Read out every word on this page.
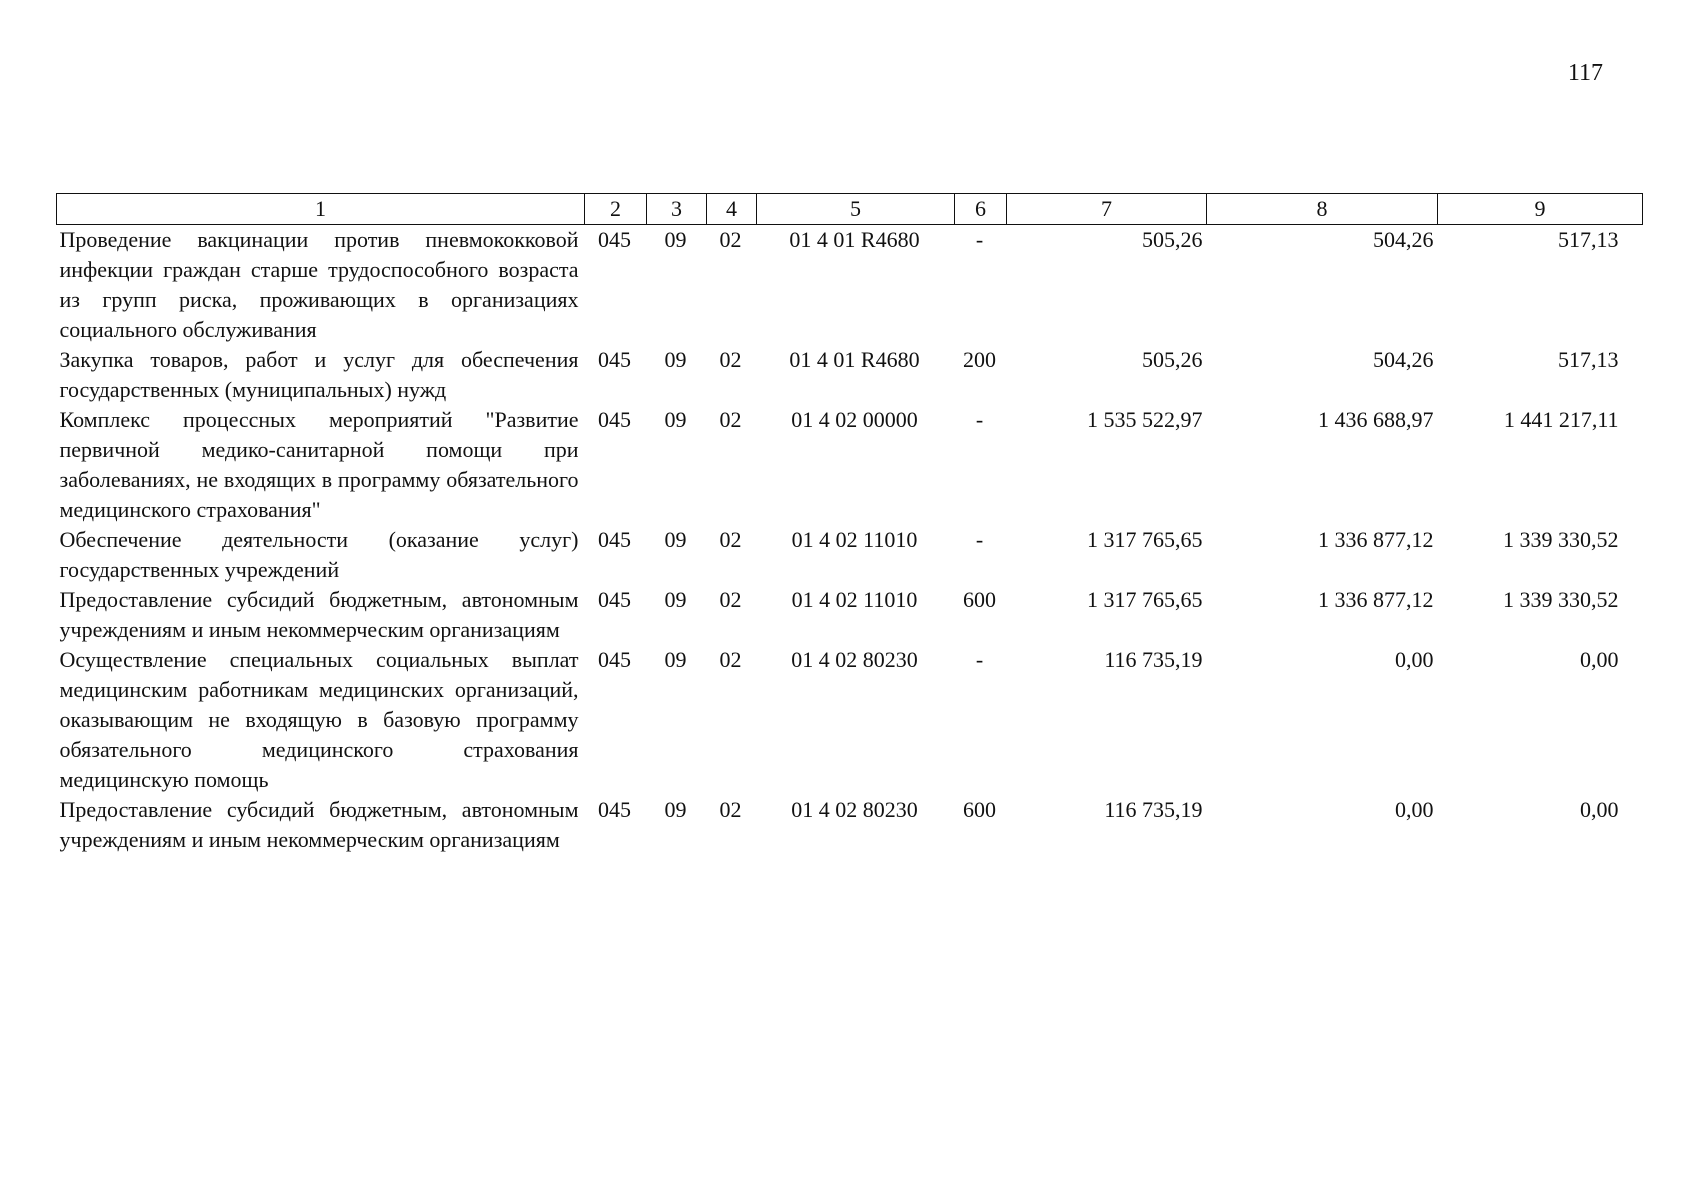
117
1	2	3	4	5	6	7	8	9
Проведение вакцинации против пневмококковой инфекции граждан старше трудоспособного возраста из групп риска, проживающих в организациях социального обслуживания	045	09	02	01 4 01 R4680	-	505,26	504,26	517,13
Закупка товаров, работ и услуг для обеспечения государственных (муниципальных) нужд	045	09	02	01 4 01 R4680	200	505,26	504,26	517,13
Комплекс процессных мероприятий "Развитие первичной медико-санитарной помощи при заболеваниях, не входящих в программу обязательного медицинского страхования"	045	09	02	01 4 02 00000	-	1 535 522,97	1 436 688,97	1 441 217,11
Обеспечение деятельности (оказание услуг) государственных учреждений	045	09	02	01 4 02 11010	-	1 317 765,65	1 336 877,12	1 339 330,52
Предоставление субсидий бюджетным, автономным учреждениям и иным некоммерческим организациям	045	09	02	01 4 02 11010	600	1 317 765,65	1 336 877,12	1 339 330,52
Осуществление специальных социальных выплат медицинским работникам медицинских организаций, оказывающим не входящую в базовую программу обязательного медицинского страхования медицинскую помощь	045	09	02	01 4 02 80230	-	116 735,19	0,00	0,00
Предоставление субсидий бюджетным, автономным учреждениям и иным некоммерческим организациям	045	09	02	01 4 02 80230	600	116 735,19	0,00	0,00
